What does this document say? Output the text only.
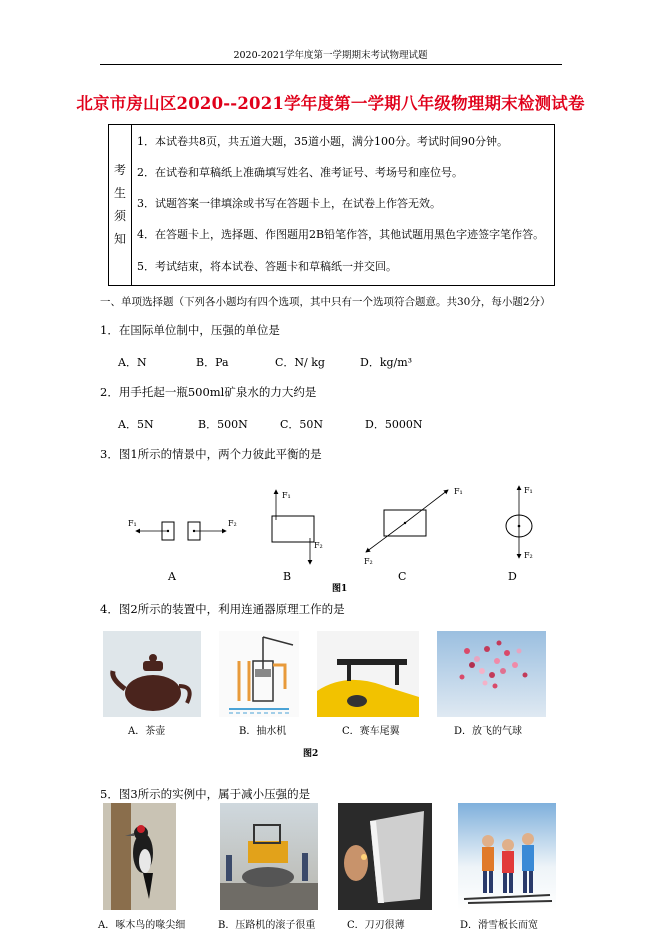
2020-2021学年度第一学期期末考试物理试题
北京市房山区2020--2021学年度第一学期八年级物理期末检测试卷
考
生
须
知
1．本试卷共8页，共五道大题，35道小题，满分100分。考试时间90分钟。
2．在试卷和草稿纸上准确填写姓名、准考证号、考场号和座位号。
3．试题答案一律填涂或书写在答题卡上，在试卷上作答无效。
4．在答题卡上，选择题、作图题用2B铅笔作答，其他试题用黑色字迹签字笔作答。
5．考试结束，将本试卷、答题卡和草稿纸一并交回。
一、单项选择题（下列各小题均有四个选项，其中只有一个选项符合题意。共30分，每小题2分）
1．在国际单位制中，压强的单位是
A．N	B．Pa	C．N/ kg	D．kg/m³
2．用手托起一瓶500ml矿泉水的力大约是
A．5N	B．500N	C．50N	D．5000N
3．图1所示的情景中，两个力彼此平衡的是
F₁	F₂
F₁
F₂
F₁
F₂
F₁
F₂
A	B	C	D
图1
4．图2所示的装置中，利用连通器原理工作的是
A．茶壶	B．抽水机	C．赛车尾翼	D．放飞的气球
图2
5．图3所示的实例中，属于减小压强的是
A．啄木鸟的喙尖细	B．压路机的滚子很重	C．刀刃很薄	D．滑雪板长而宽
